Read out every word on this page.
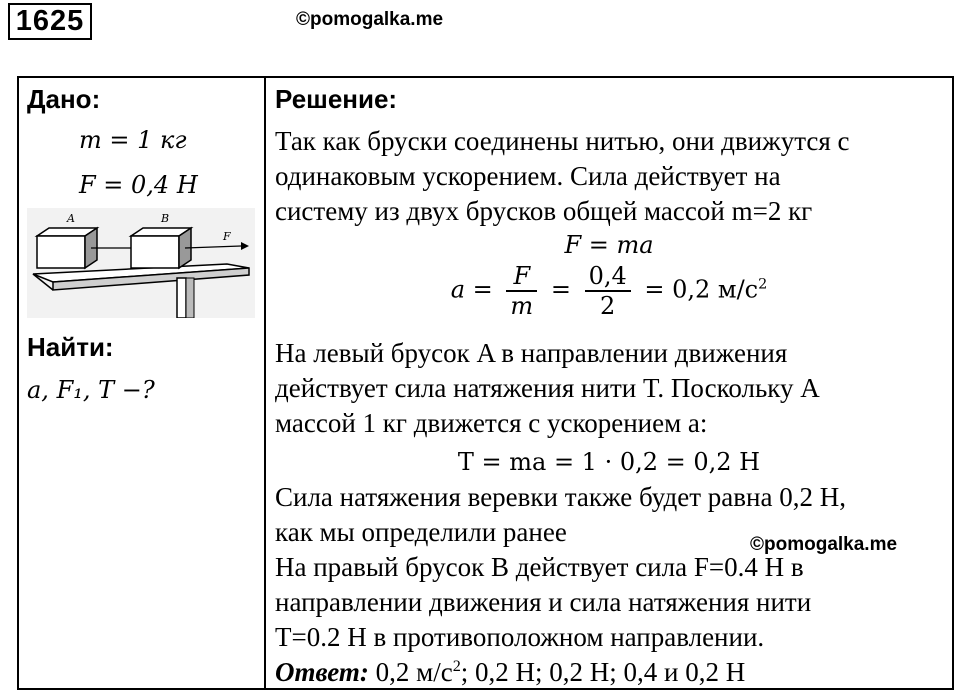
1625	©pomogalka.me
Дано:
m = 1 кг
F = 0,4 Н
A	B
F
Найти:
a, F₁, Т −?

Решение:
Так как бруски соединены нитью, они движутся с
одинаковым ускорением. Сила действует на
систему из двух брусков общей массой m=2 кг
F = ma
$a = \frac{F}{m} = \frac{0,4}{2} = 0,2$ $м/с^2$
На левый брусок A в направлении движения
действует сила натяжения нити T. Поскольку A
массой 1 кг движется с ускорением a:
Т = ma = 1 · 0,2 = 0,2 Н
Сила натяжения веревки также будет равна 0,2 Н,
как мы определили ранее
На правый брусок B действует сила F=0.4 Н в
направлении движения и сила натяжения нити
T=0.2 Н в противоположном направлении.
Ответ: 0,2 $м/с^2$; 0,2 Н; 0,2 Н; 0,4 и 0,2 Н
©pomogalka.me
